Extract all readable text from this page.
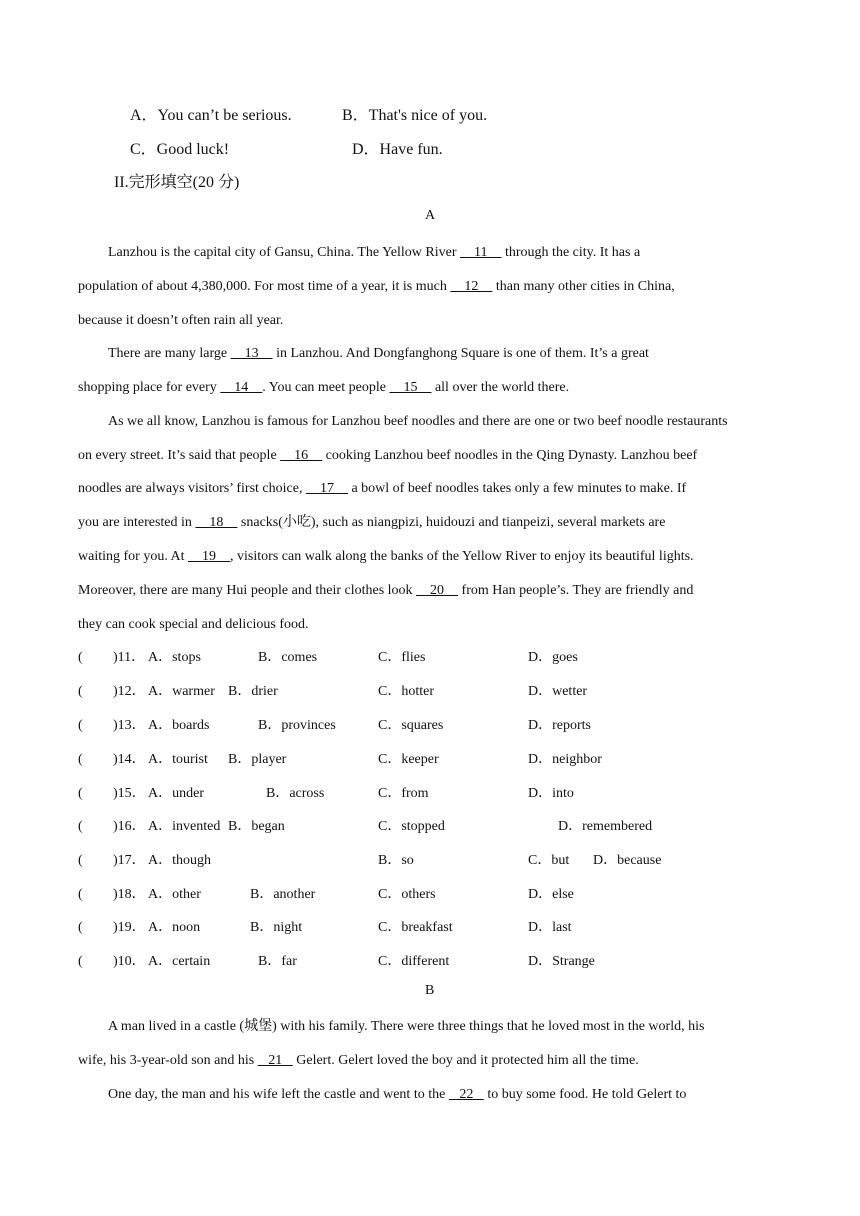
A．You can’t be serious.	B．That's nice of you.
C．Good luck!	D．Have fun.
II.完形填空(20 分)
A
Lanzhou is the capital city of Gansu, China. The Yellow River     11     through the city. It has a
population of about 4,380,000. For most time of a year, it is much     12     than many other cities in China,
because it doesn’t often rain all year.
There are many large     13     in Lanzhou. And Dongfanghong Square is one of them. It’s a great
shopping place for every     14    . You can meet people     15     all over the world there.
As we all know, Lanzhou is famous for Lanzhou beef noodles and there are one or two beef noodle restaurants
on every street. It’s said that people     16     cooking Lanzhou beef noodles in the Qing Dynasty. Lanzhou beef
noodles are always visitors’ first choice,     17     a bowl of beef noodles takes only a few minutes to make. If
you are interested in     18     snacks(小吃), such as niangpizi, huidouzi and tianpeizi, several markets are
waiting for you. At     19    , visitors can walk along the banks of the Yellow River to enjoy its beautiful lights.
Moreover, there are many Hui people and their clothes look     20     from Han people’s. They are friendly and
they can cook special and delicious food.
( )11． A．stops	B．comes	C．flies	D．goes
( )12． A．warmer B．drier	C．hotter	D．wetter
( )13． A．boards	B．provinces	C．squares	D．reports
( )14． A．tourist B．player	C．keeper	D．neighbor
( )15． A．under	B．across	C．from	D．into
( )16． A．invented B．began	C．stopped	D．remembered
( )17． A．though	B．so	C．but D．because
( )18． A．other	B．another	C．others	D．else
( )19． A．noon	B．night	C．breakfast	D．last
( )10． A．certain	B．far	C．different	D．Strange
B
A man lived in a castle (城堡) with his family. There were three things that he loved most in the world, his
wife, his 3-year-old son and his    21    Gelert. Gelert loved the boy and it protected him all the time.
One day, the man and his wife left the castle and went to the    22    to buy some food. He told Gelert to
